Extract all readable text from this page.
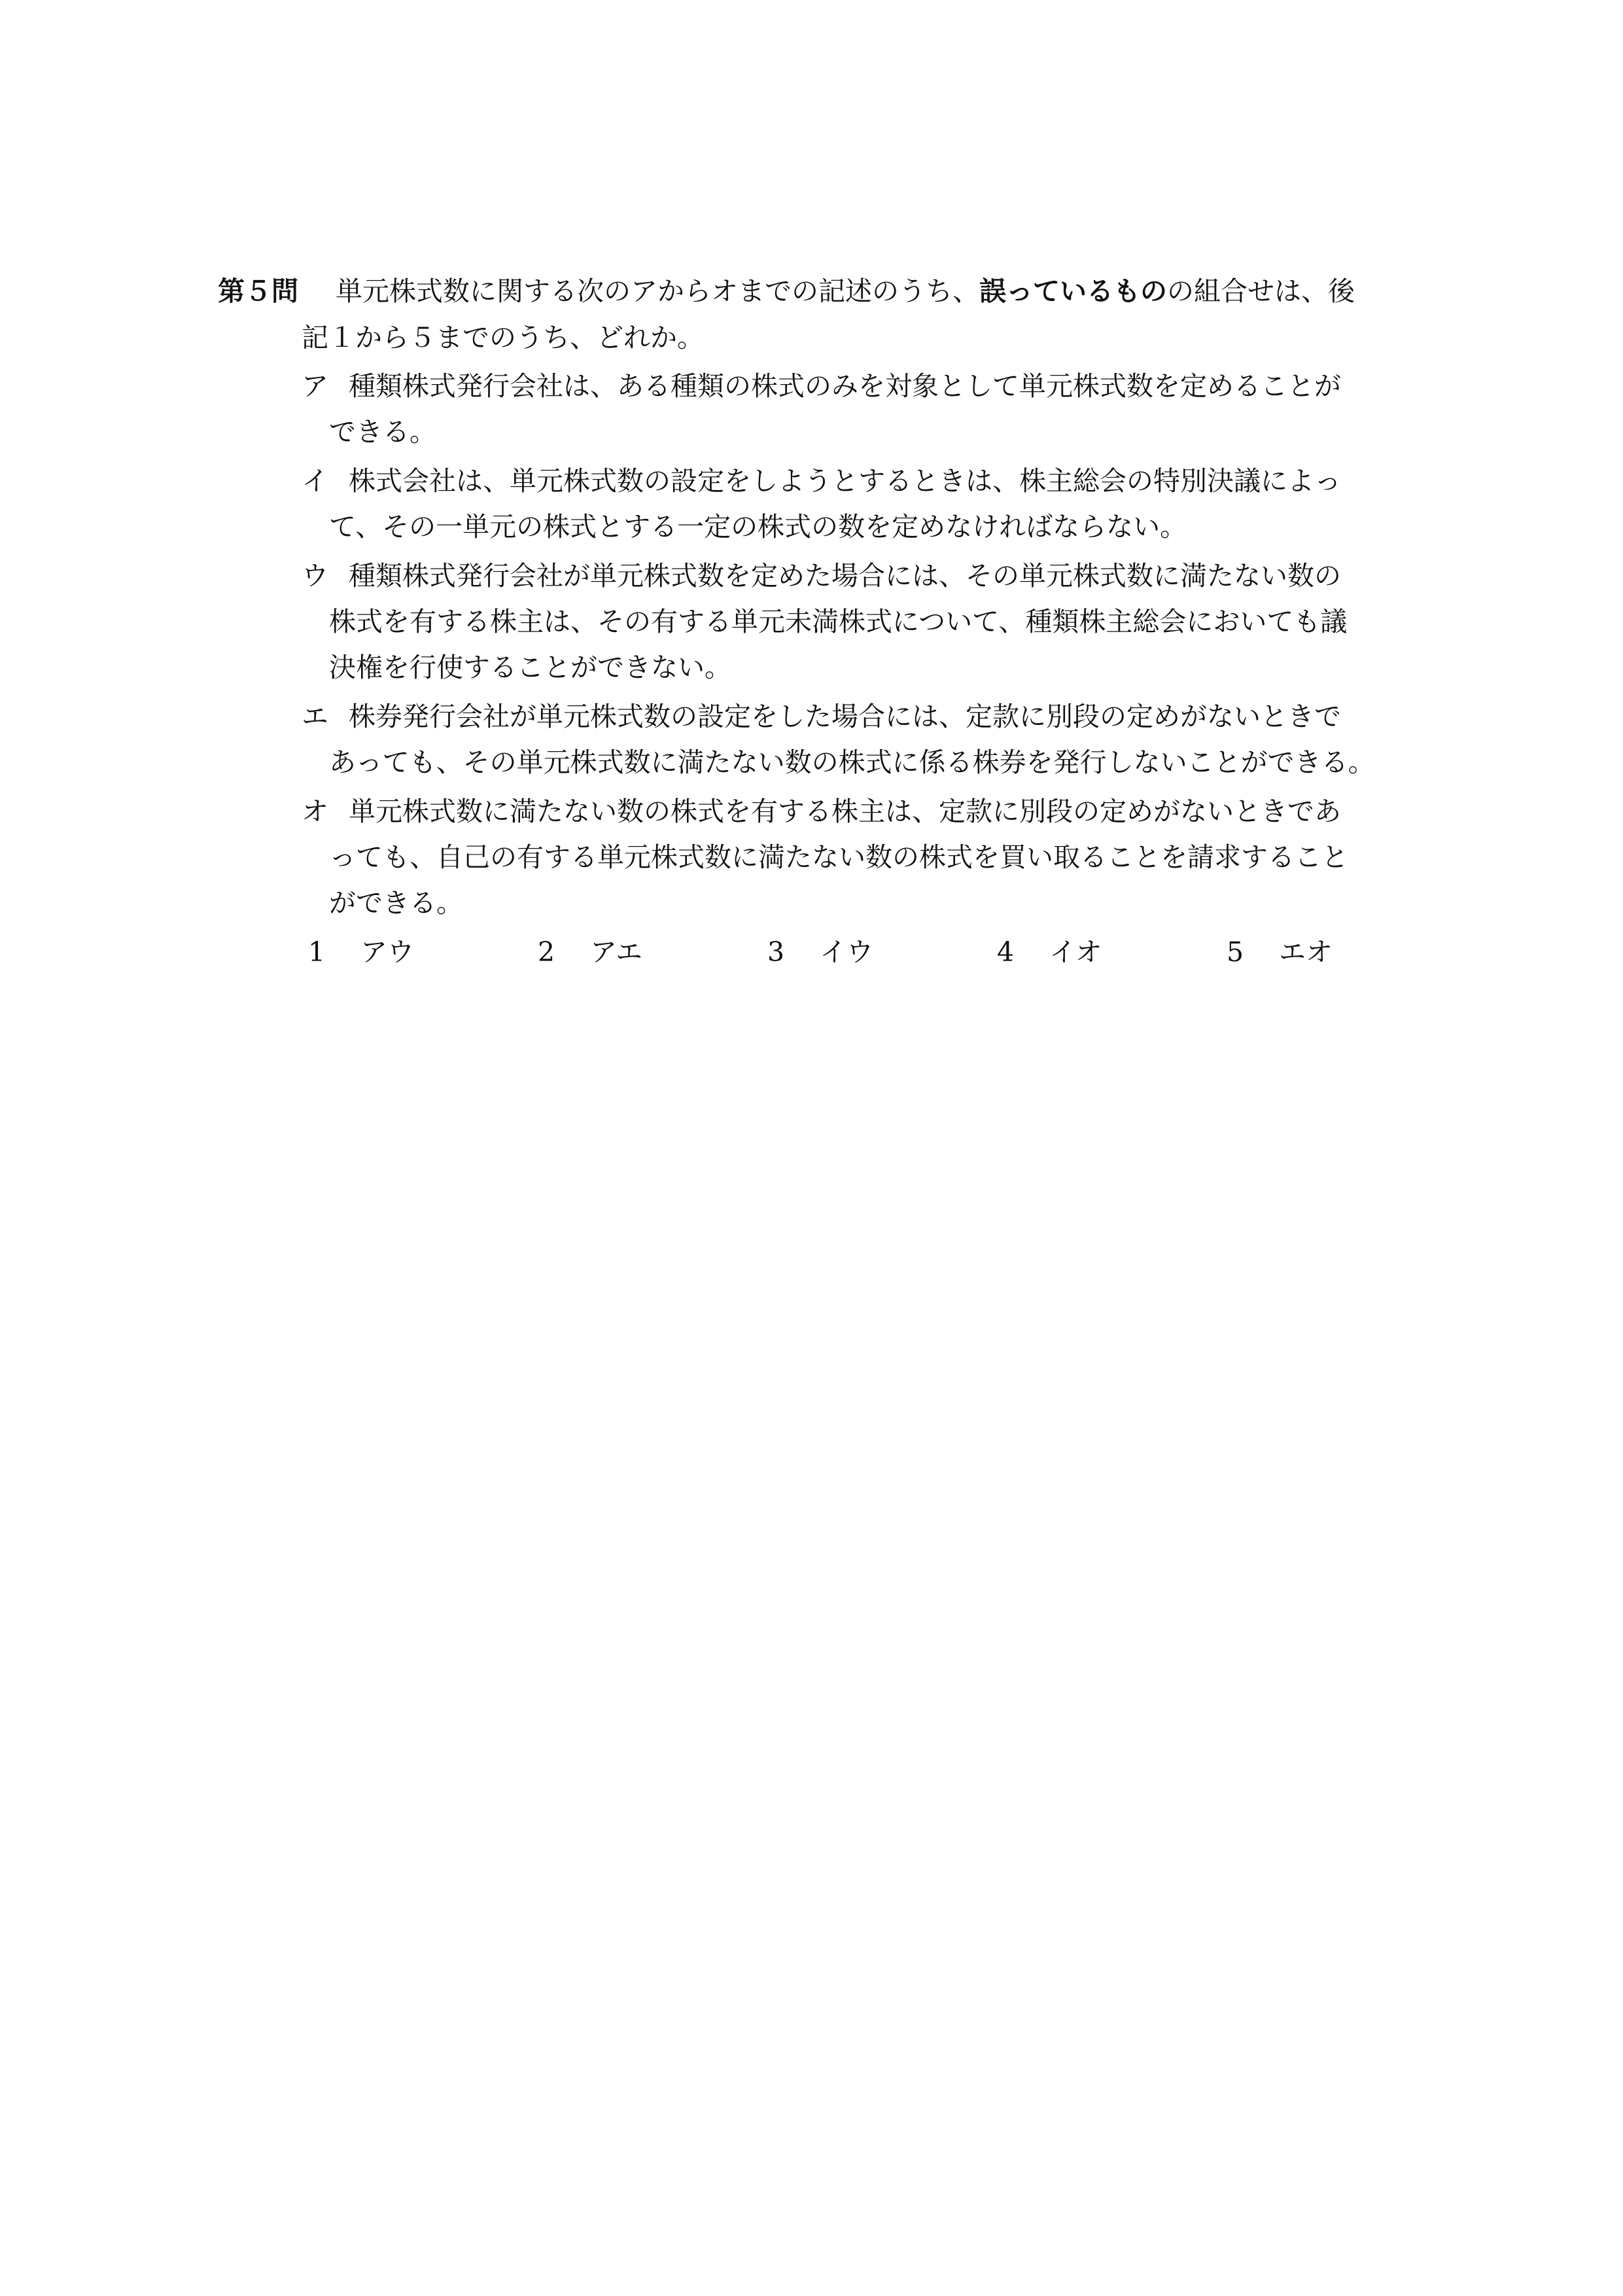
第５問	単元株式数に関する次のアからオまでの記述のうち、誤っているものの組合せは、後
記１から５までのうち、どれか。
ア 種類株式発行会社は、ある種類の株式のみを対象として単元株式数を定めることが
できる。
イ 株式会社は、単元株式数の設定をしようとするときは、株主総会の特別決議によっ
て、その一単元の株式とする一定の株式の数を定めなければならない。
ウ 種類株式発行会社が単元株式数を定めた場合には、その単元株式数に満たない数の
株式を有する株主は、その有する単元未満株式について、種類株主総会においても議
決権を行使することができない。
エ 株券発行会社が単元株式数の設定をした場合には、定款に別段の定めがないときで
あっても、その単元株式数に満たない数の株式に係る株券を発行しないことができる。
オ 単元株式数に満たない数の株式を有する株主は、定款に別段の定めがないときであ
っても、自己の有する単元株式数に満たない数の株式を買い取ることを請求すること
ができる。
1	アウ	2	アエ	3	イウ	4	イオ	5	エオ
